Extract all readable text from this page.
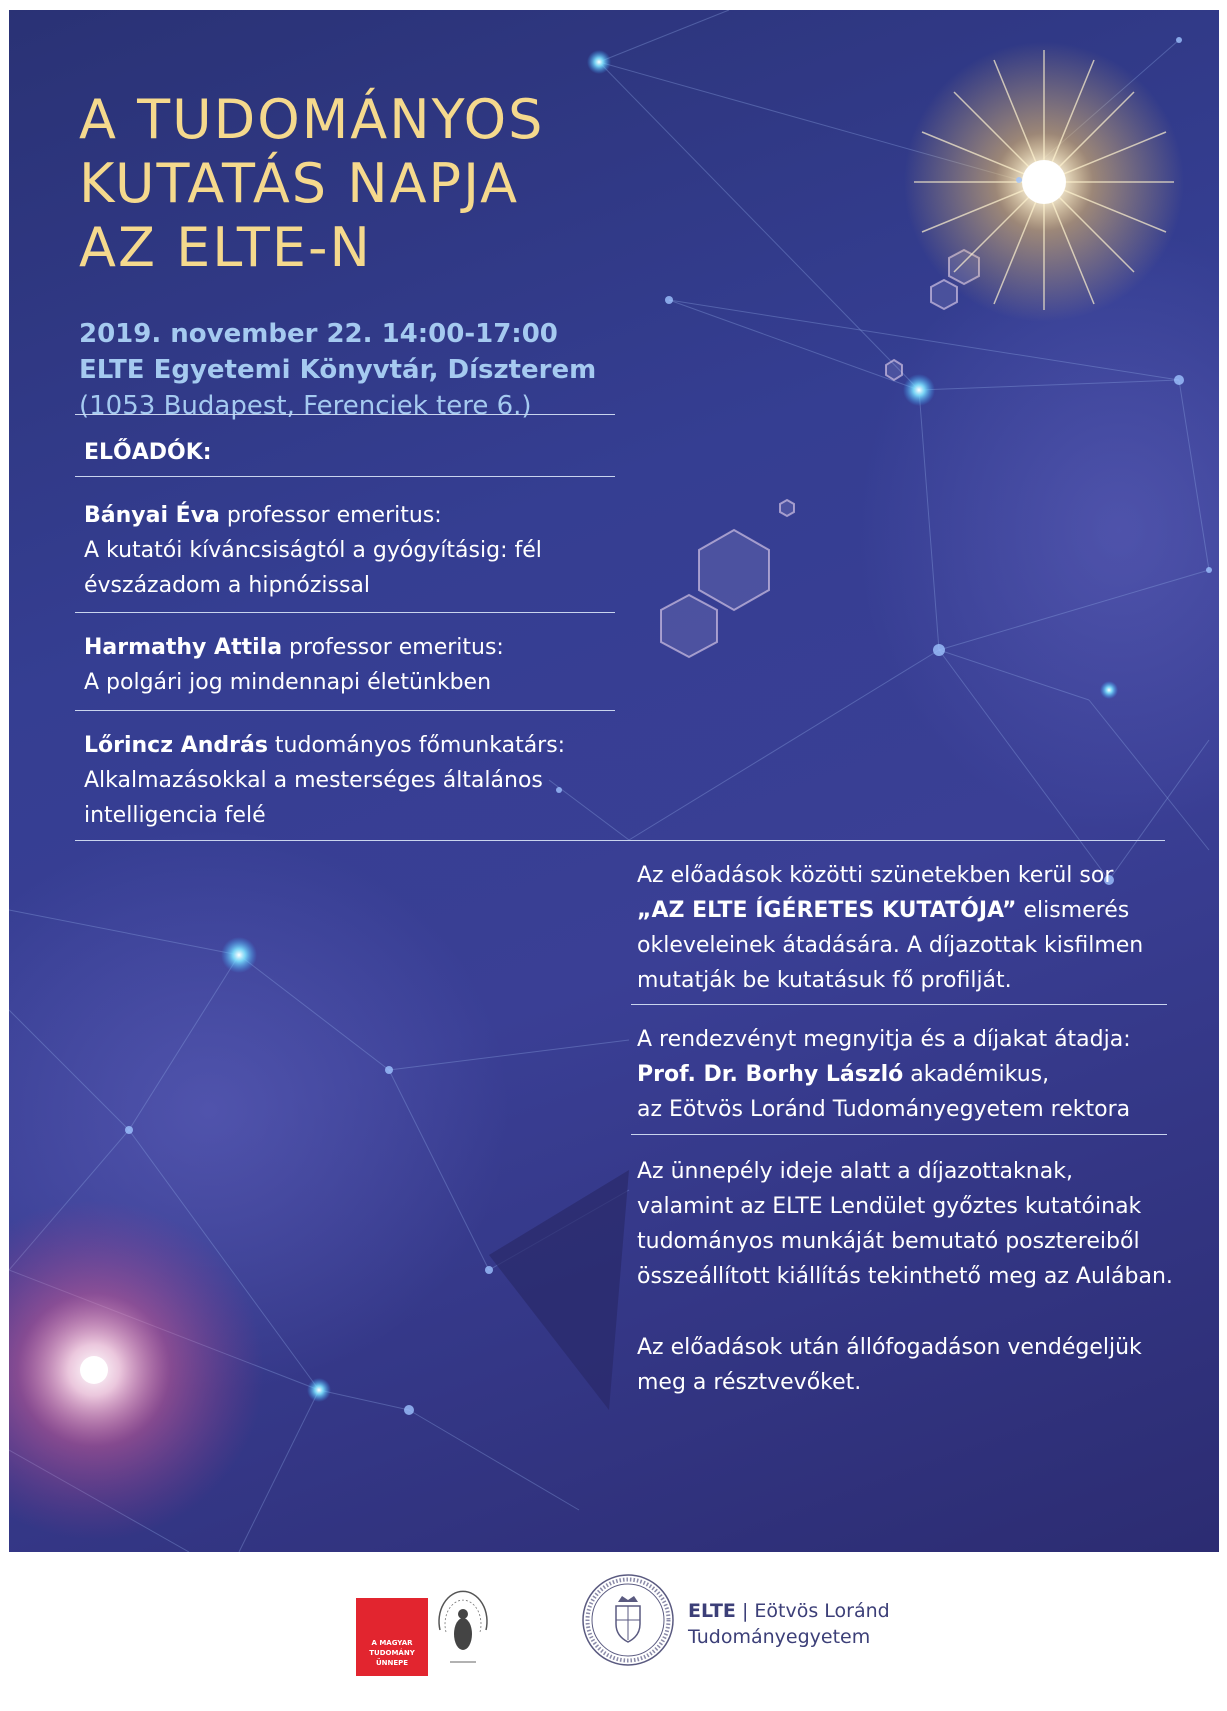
A TUDOMÁNYOS
KUTATÁS NAPJA
AZ ELTE-N
2019. november 22. 14:00-17:00
ELTE Egyetemi Könyvtár, Díszterem
(1053 Budapest, Ferenciek tere 6.)
ELŐADÓK:
Bányai Éva professor emeritus:
A kutatói kíváncsiságtól a gyógyításig: fél
évszázadom a hipnózissal
Harmathy Attila professor emeritus:
A polgári jog mindennapi életünkben
Lőrincz András tudományos főmunkatárs:
Alkalmazásokkal a mesterséges általános
intelligencia felé
Az előadások közötti szünetekben kerül sor
„AZ ELTE ÍGÉRETES KUTATÓJA” elismerés
okleveleinek átadására. A díjazottak kisfilmen
mutatják be kutatásuk fő profilját.
A rendezvényt megnyitja és a díjakat átadja:
Prof. Dr. Borhy László akadémikus,
az Eötvös Loránd Tudományegyetem rektora
Az ünnepély ideje alatt a díjazottaknak,
valamint az ELTE Lendület győztes kutatóinak
tudományos munkáját bemutató posztereiből
összeállított kiállítás tekinthető meg az Aulában.
Az előadások után állófogadáson vendégeljük
meg a résztvevőket.
A MAGYAR
TUDOMÁNY
ÜNNEPE
ELTE | Eötvös Loránd
Tudományegyetem
